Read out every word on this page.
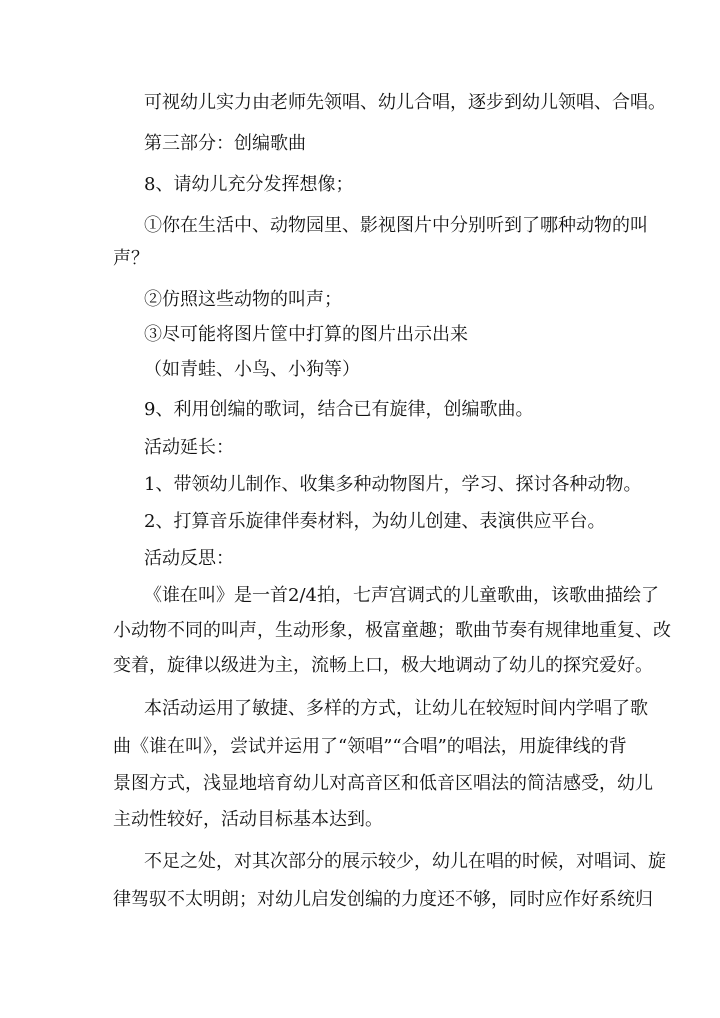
可视幼儿实力由老师先领唱、幼儿合唱，逐步到幼儿领唱、合唱。
第三部分：创编歌曲
8、请幼儿充分发挥想像；
①你在生活中、动物园里、影视图片中分别听到了哪种动物的叫
声？
②仿照这些动物的叫声；
③尽可能将图片筐中打算的图片出示出来
（如青蛙、小鸟、小狗等）
9、利用创编的歌词，结合已有旋律，创编歌曲。
活动延长：
1、带领幼儿制作、收集多种动物图片，学习、探讨各种动物。
2、打算音乐旋律伴奏材料，为幼儿创建、表演供应平台。
活动反思：
《谁在叫》是一首2/4拍，七声宫调式的儿童歌曲，该歌曲描绘了
小动物不同的叫声，生动形象，极富童趣；歌曲节奏有规律地重复、改
变着，旋律以级进为主，流畅上口，极大地调动了幼儿的探究爱好。
本活动运用了敏捷、多样的方式，让幼儿在较短时间内学唱了歌
曲《谁在叫》，尝试并运用了“领唱”“合唱”的唱法，用旋律线的背
景图方式，浅显地培育幼儿对高音区和低音区唱法的简洁感受，幼儿
主动性较好，活动目标基本达到。
不足之处，对其次部分的展示较少，幼儿在唱的时候，对唱词、旋
律驾驭不太明朗；对幼儿启发创编的力度还不够，同时应作好系统归
